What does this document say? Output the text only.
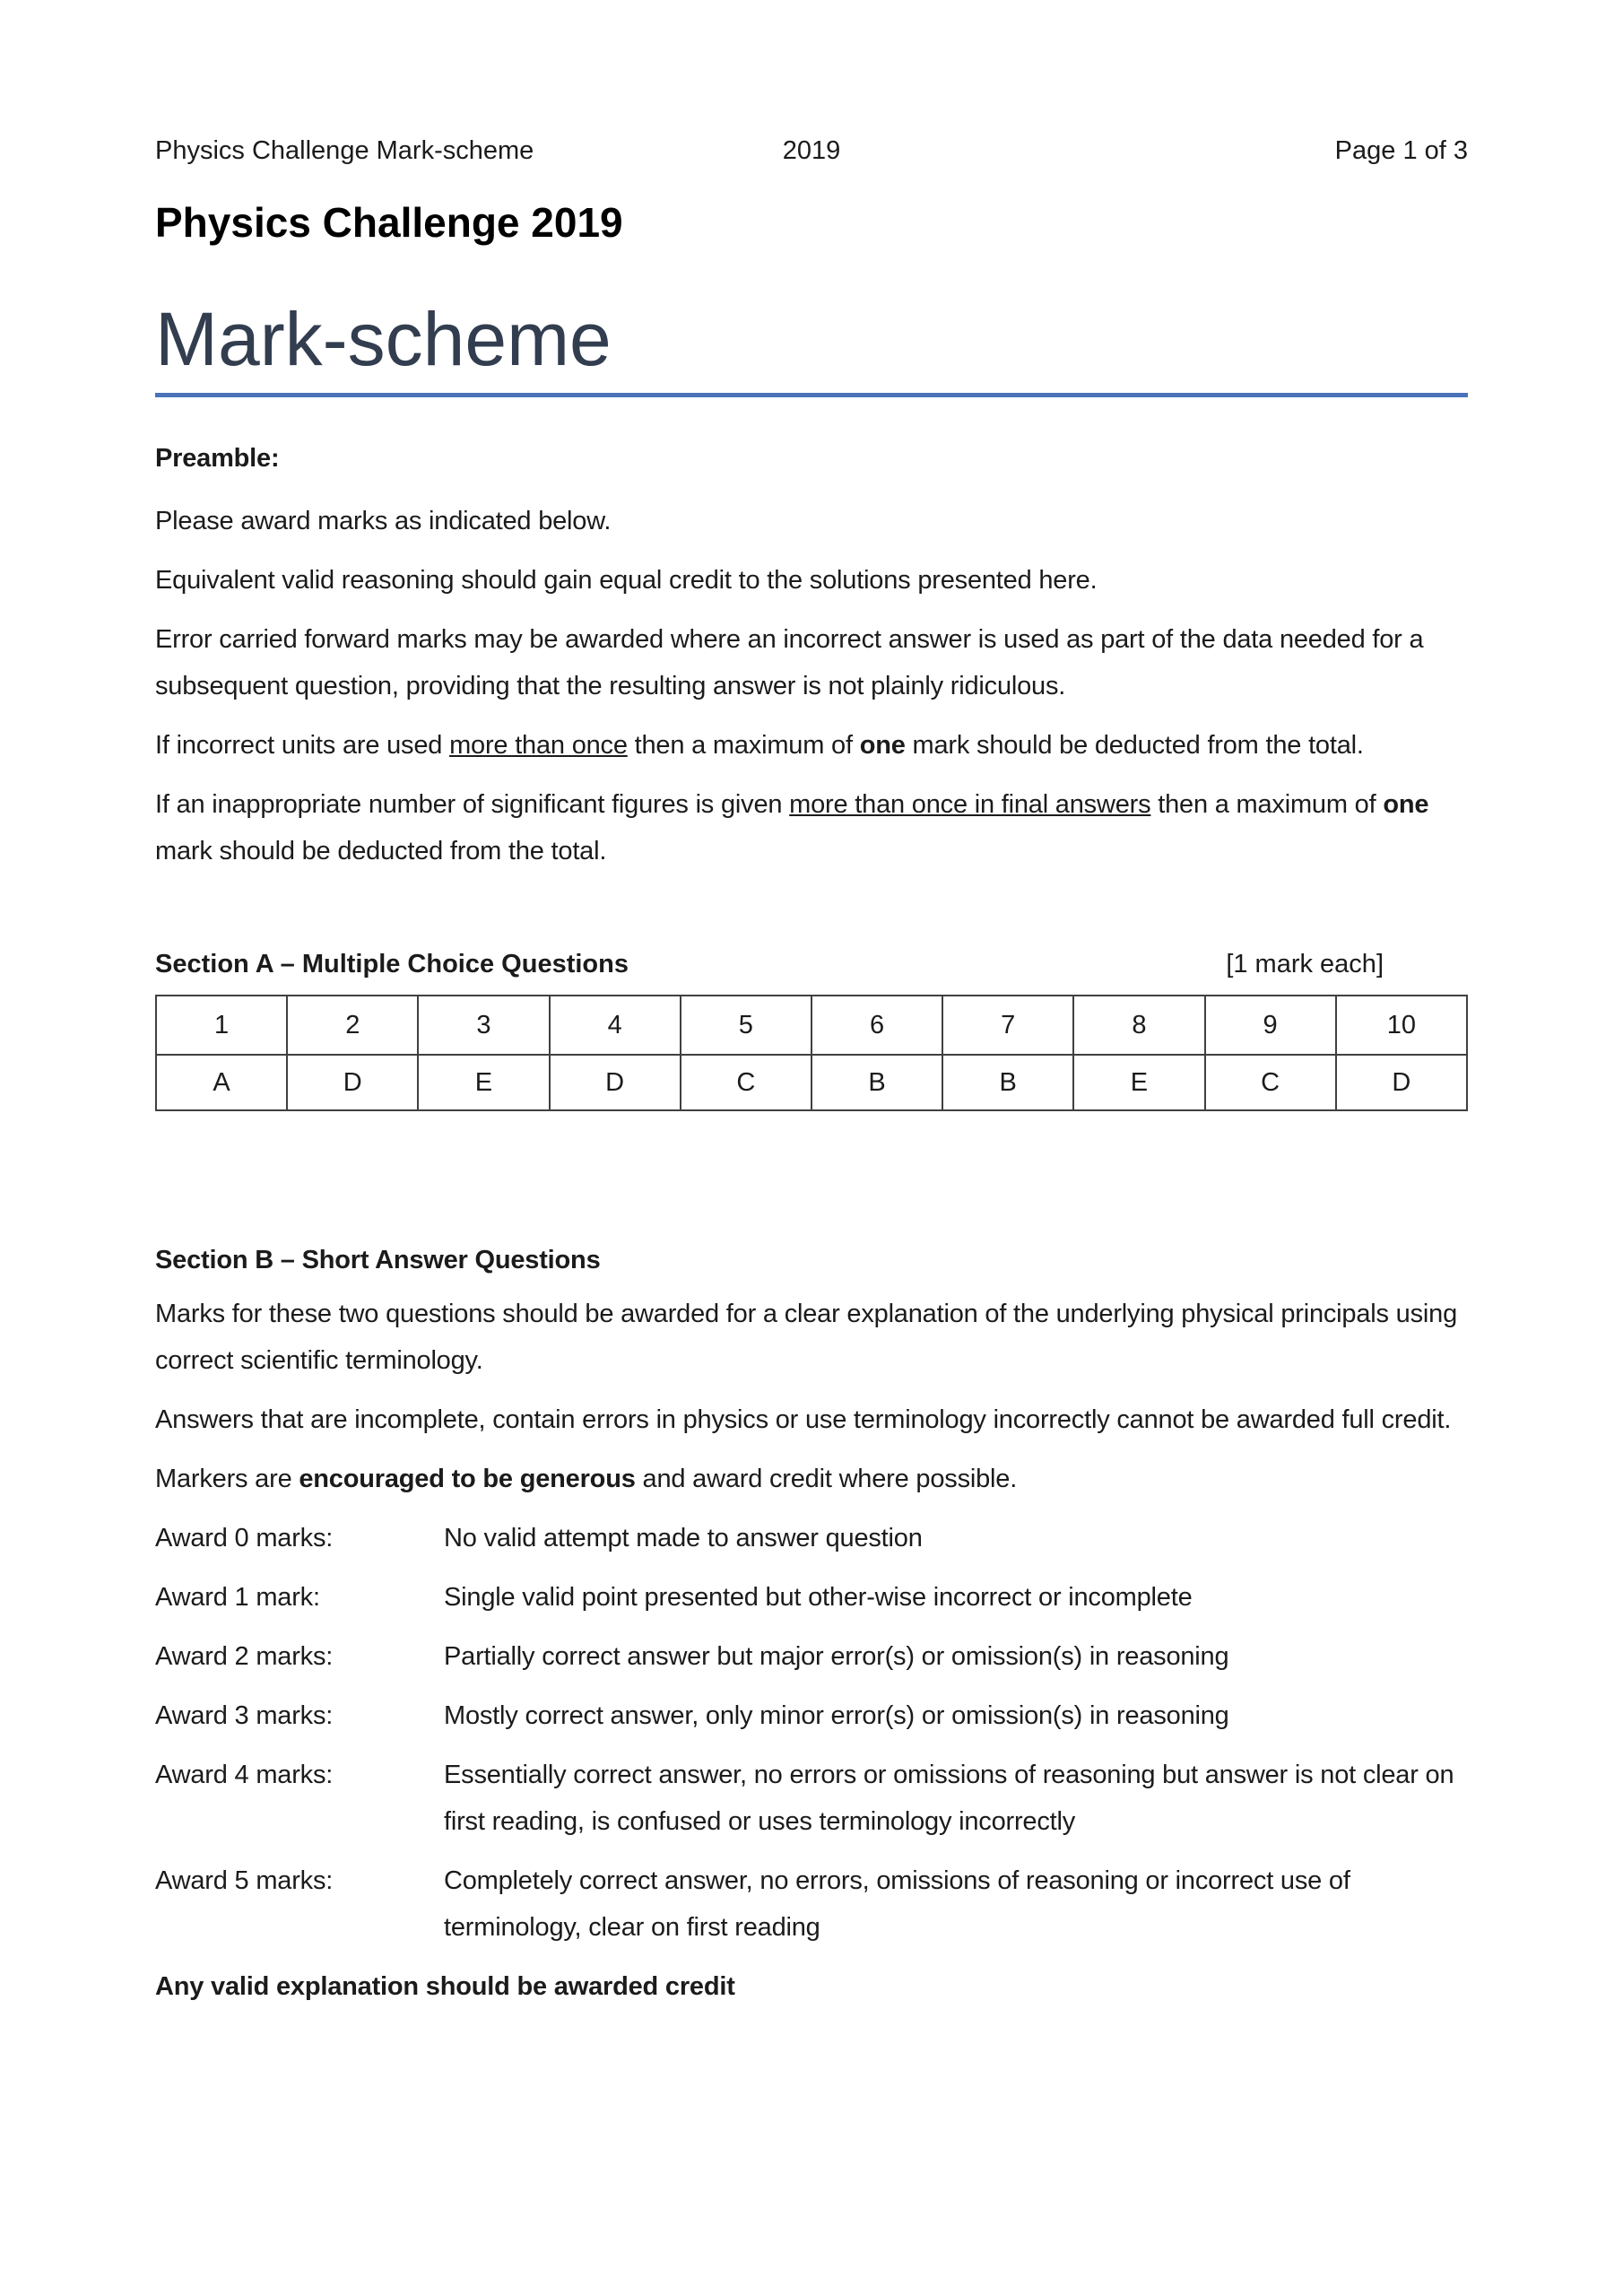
Physics Challenge Mark-scheme	2019	Page 1 of 3
Physics Challenge 2019
Mark-scheme

Preamble:

Please award marks as indicated below.

Equivalent valid reasoning should gain equal credit to the solutions presented here.

Error carried forward marks may be awarded where an incorrect answer is used as part of the data needed for a subsequent question, providing that the resulting answer is not plainly ridiculous.

If incorrect units are used more than once then a maximum of one mark should be deducted from the total.

If an inappropriate number of significant figures is given more than once in final answers then a maximum of one mark should be deducted from the total.

Section A – Multiple Choice Questions	[1 mark each]
1	2	3	4	5	6	7	8	9	10
A	D	E	D	C	B	B	E	C	D

Section B – Short Answer Questions

Marks for these two questions should be awarded for a clear explanation of the underlying physical principals using correct scientific terminology.

Answers that are incomplete, contain errors in physics or use terminology incorrectly cannot be awarded full credit.

Markers are encouraged to be generous and award credit where possible.

Award 0 marks:	No valid attempt made to answer question
Award 1 mark:	Single valid point presented but other-wise incorrect or incomplete
Award 2 marks:	Partially correct answer but major error(s) or omission(s) in reasoning
Award 3 marks:	Mostly correct answer, only minor error(s) or omission(s) in reasoning
Award 4 marks:	Essentially correct answer, no errors or omissions of reasoning but answer is not clear on first reading, is confused or uses terminology incorrectly
Award 5 marks:	Completely correct answer, no errors, omissions of reasoning or incorrect use of terminology, clear on first reading

Any valid explanation should be awarded credit
